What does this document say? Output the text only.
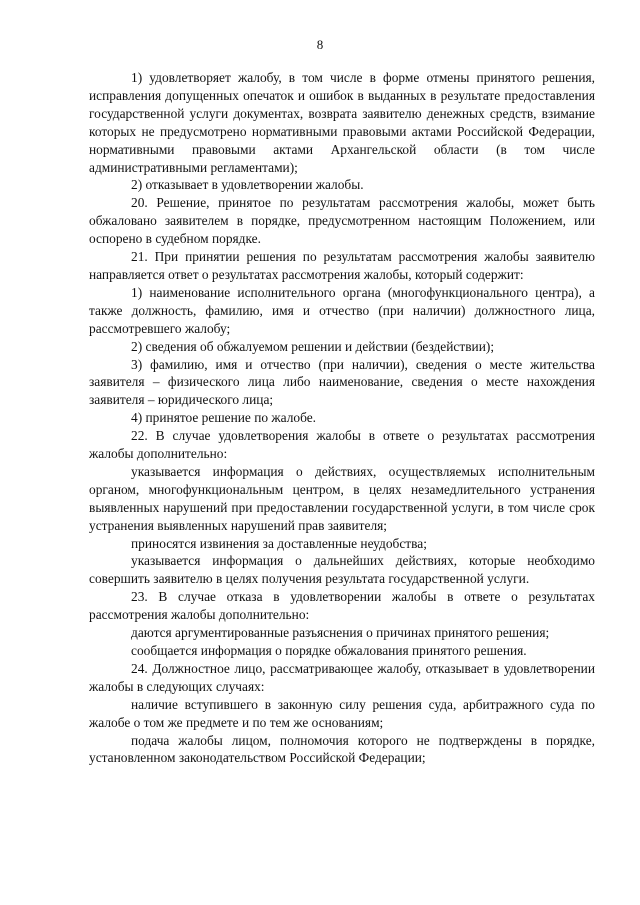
8

1) удовлетворяет жалобу, в том числе в форме отмены принятого решения, исправления допущенных опечаток и ошибок в выданных в результате предоставления государственной услуги документах, возврата заявителю денежных средств, взимание которых не предусмотрено нормативными правовыми актами Российской Федерации, нормативными правовыми актами Архангельской области (в том числе административными регламентами);

2) отказывает в удовлетворении жалобы.

20. Решение, принятое по результатам рассмотрения жалобы, может быть обжаловано заявителем в порядке, предусмотренном настоящим Положением, или оспорено в судебном порядке.

21. При принятии решения по результатам рассмотрения жалобы заявителю направляется ответ о результатах рассмотрения жалобы, который содержит:

1) наименование исполнительного органа (многофункционального центра), а также должность, фамилию, имя и отчество (при наличии) должностного лица, рассмотревшего жалобу;

2) сведения об обжалуемом решении и действии (бездействии);

3) фамилию, имя и отчество (при наличии), сведения о месте жительства заявителя – физического лица либо наименование, сведения о месте нахождения заявителя – юридического лица;

4) принятое решение по жалобе.

22. В случае удовлетворения жалобы в ответе о результатах рассмотрения жалобы дополнительно:

указывается информация о действиях, осуществляемых исполнительным органом, многофункциональным центром, в целях незамедлительного устранения выявленных нарушений при предоставлении государственной услуги, в том числе срок устранения выявленных нарушений прав заявителя;

приносятся извинения за доставленные неудобства;

указывается информация о дальнейших действиях, которые необходимо совершить заявителю в целях получения результата государственной услуги.

23. В случае отказа в удовлетворении жалобы в ответе о результатах рассмотрения жалобы дополнительно:

даются аргументированные разъяснения о причинах принятого решения;

сообщается информация о порядке обжалования принятого решения.

24. Должностное лицо, рассматривающее жалобу, отказывает в удовлетворении жалобы в следующих случаях:

наличие вступившего в законную силу решения суда, арбитражного суда по жалобе о том же предмете и по тем же основаниям;

подача жалобы лицом, полномочия которого не подтверждены в порядке, установленном законодательством Российской Федерации;
